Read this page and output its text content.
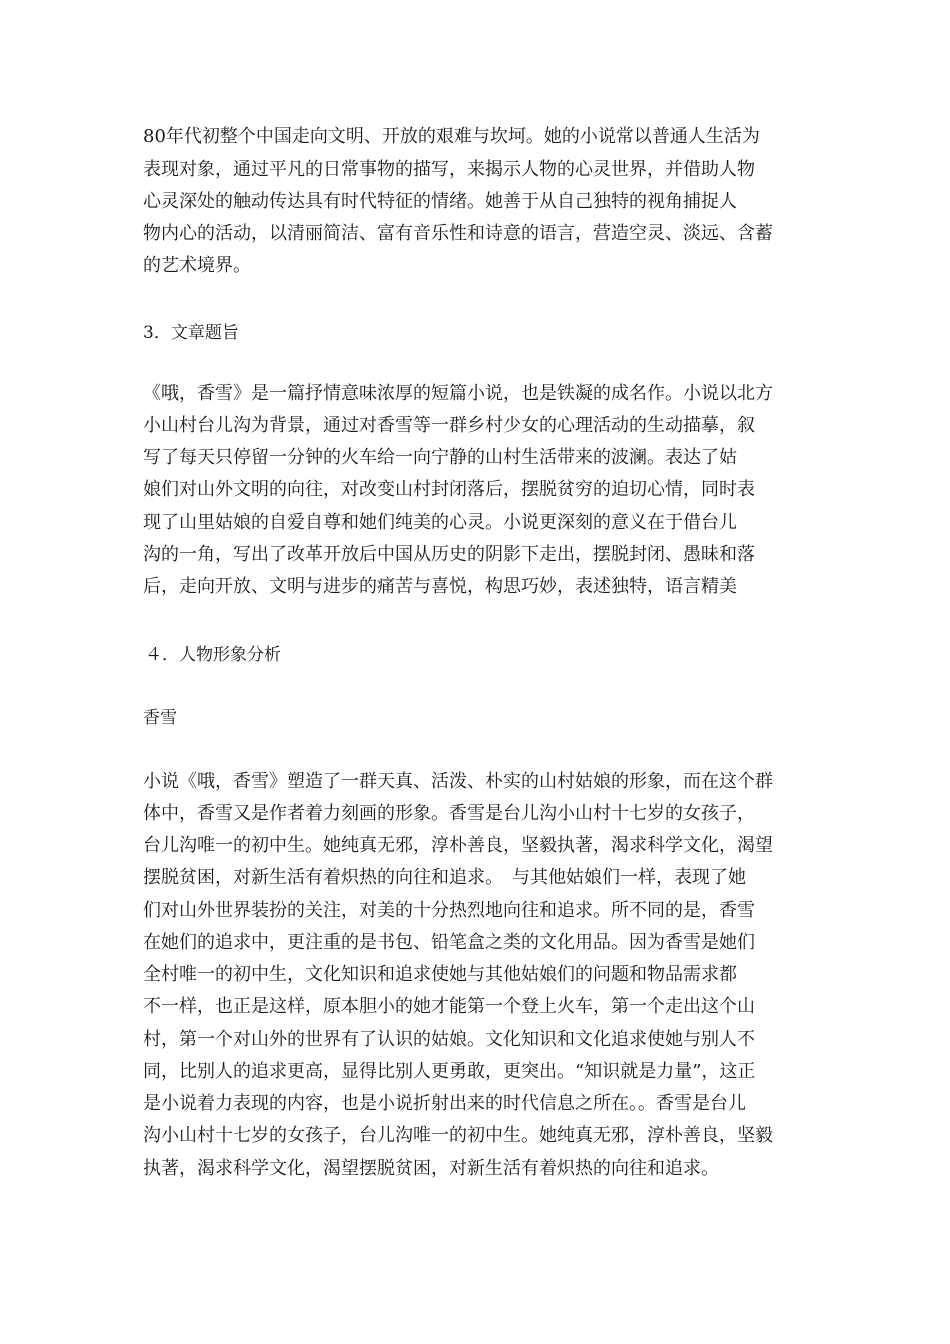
80年代初整个中国走向文明、开放的艰难与坎坷。她的小说常以普通人生活为
表现对象，通过平凡的日常事物的描写，来揭示人物的心灵世界，并借助人物
心灵深处的触动传达具有时代特征的情绪。她善于从自己独特的视角捕捉人
物内心的活动，以清丽简洁、富有音乐性和诗意的语言，营造空灵、淡远、含蓄
的艺术境界。
3．文章题旨
《哦，香雪》是一篇抒情意味浓厚的短篇小说，也是铁凝的成名作。小说以北方
小山村台儿沟为背景，通过对香雪等一群乡村少女的心理活动的生动描摹，叙
写了每天只停留一分钟的火车给一向宁静的山村生活带来的波澜。表达了姑
娘们对山外文明的向往，对改变山村封闭落后，摆脱贫穷的迫切心情，同时表
现了山里姑娘的自爱自尊和她们纯美的心灵。小说更深刻的意义在于借台儿
沟的一角，写出了改革开放后中国从历史的阴影下走出，摆脱封闭、愚昧和落
后，走向开放、文明与进步的痛苦与喜悦，构思巧妙，表述独特，语言精美
４．人物形象分析
香雪
小说《哦，香雪》塑造了一群天真、活泼、朴实的山村姑娘的形象，而在这个群
体中，香雪又是作者着力刻画的形象。香雪是台儿沟小山村十七岁的女孩子，
台儿沟唯一的初中生。她纯真无邪，淳朴善良，坚毅执著，渴求科学文化，渴望
摆脱贫困，对新生活有着炽热的向往和追求。　与其他姑娘们一样，表现了她
们对山外世界装扮的关注，对美的十分热烈地向往和追求。所不同的是，香雪
在她们的追求中，更注重的是书包、铅笔盒之类的文化用品。因为香雪是她们
全村唯一的初中生，文化知识和追求使她与其他姑娘们的问题和物品需求都
不一样，也正是这样，原本胆小的她才能第一个登上火车，第一个走出这个山
村，第一个对山外的世界有了认识的姑娘。文化知识和文化追求使她与别人不
同，比别人的追求更高，显得比别人更勇敢，更突出。“知识就是力量”，这正
是小说着力表现的内容，也是小说折射出来的时代信息之所在。。香雪是台儿
沟小山村十七岁的女孩子，台儿沟唯一的初中生。她纯真无邪，淳朴善良，坚毅
执著，渴求科学文化，渴望摆脱贫困，对新生活有着炽热的向往和追求。
